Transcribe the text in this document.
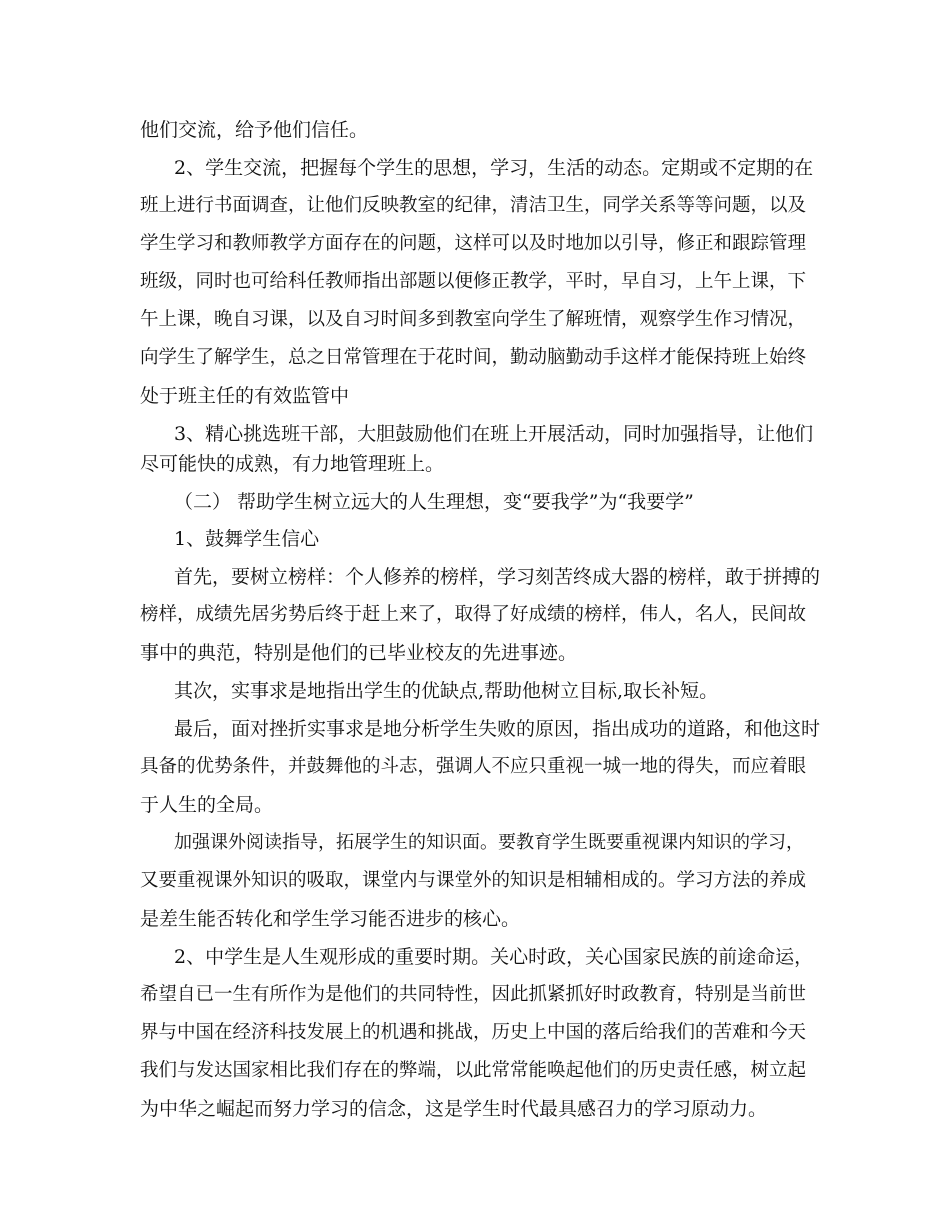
他们交流，给予他们信任。
2、学生交流，把握每个学生的思想，学习，生活的动态。定期或不定期的在
班上进行书面调查，让他们反映教室的纪律，清洁卫生，同学关系等等问题，以及
学生学习和教师教学方面存在的问题，这样可以及时地加以引导，修正和跟踪管理
班级，同时也可给科任教师指出部题以便修正教学，平时，早自习，上午上课，下
午上课，晚自习课，以及自习时间多到教室向学生了解班情，观察学生作习情况，
向学生了解学生，总之日常管理在于花时间，勤动脑勤动手这样才能保持班上始终
处于班主任的有效监管中
3、精心挑选班干部，大胆鼓励他们在班上开展活动，同时加强指导，让他们
尽可能快的成熟，有力地管理班上。
（二） 帮助学生树立远大的人生理想，变“要我学”为“我要学”
1、鼓舞学生信心
首先，要树立榜样：个人修养的榜样，学习刻苦终成大器的榜样，敢于拼搏的
榜样，成绩先居劣势后终于赶上来了，取得了好成绩的榜样，伟人，名人，民间故
事中的典范，特别是他们的已毕业校友的先进事迹。
其次，实事求是地指出学生的优缺点,帮助他树立目标,取长补短。
最后，面对挫折实事求是地分析学生失败的原因，指出成功的道路，和他这时
具备的优势条件，并鼓舞他的斗志，强调人不应只重视一城一地的得失，而应着眼
于人生的全局。
加强课外阅读指导，拓展学生的知识面。要教育学生既要重视课内知识的学习，
又要重视课外知识的吸取，课堂内与课堂外的知识是相辅相成的。学习方法的养成
是差生能否转化和学生学习能否进步的核心。
2、中学生是人生观形成的重要时期。关心时政，关心国家民族的前途命运，
希望自已一生有所作为是他们的共同特性，因此抓紧抓好时政教育，特别是当前世
界与中国在经济科技发展上的机遇和挑战，历史上中国的落后给我们的苦难和今天
我们与发达国家相比我们存在的弊端，以此常常能唤起他们的历史责任感，树立起
为中华之崛起而努力学习的信念，这是学生时代最具感召力的学习原动力。
